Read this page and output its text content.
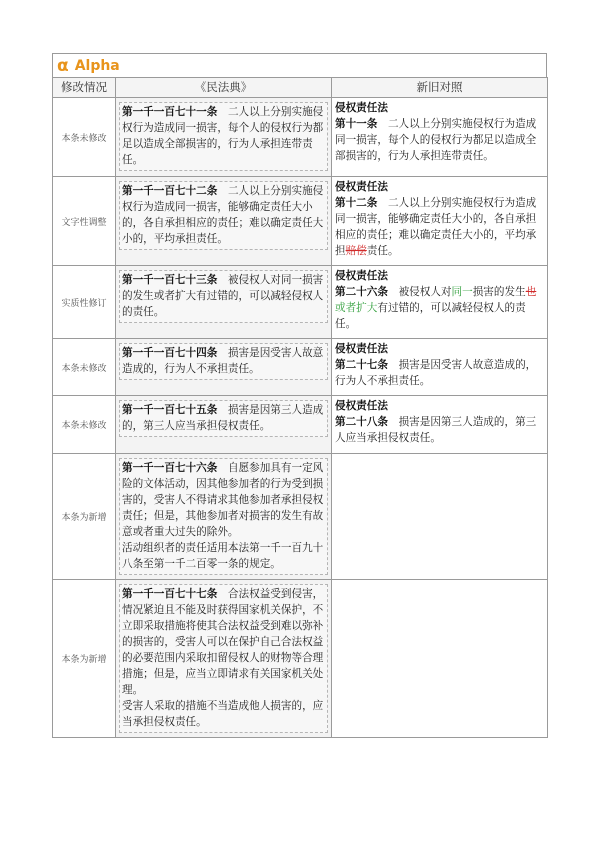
α Alpha
修改情况	《民法典》	新旧对照
本条未修改	第一千一百七十一条　 二人以上分别实施侵权行为造成同一损害，每个人的侵权行为都足以造成全部损害的，行为人承担连带责任。	侵权责任法
第十一条　 二人以上分别实施侵权行为造成同一损害，每个人的侵权行为都足以造成全部损害的，行为人承担连带责任。

文字性调整	第一千一百七十二条　 二人以上分别实施侵权行为造成同一损害，能够确定责任大小的，各自承担相应的责任；难以确定责任大小的，平均承担责任。	侵权责任法
第十二条　 二人以上分别实施侵权行为造成同一损害，能够确定责任大小的，各自承担相应的责任；难以确定责任大小的，平均承担赔偿责任。

实质性修订	第一千一百七十三条　 被侵权人对同一损害的发生或者扩大有过错的，可以减轻侵权人的责任。	侵权责任法
第二十六条　 被侵权人对同一损害的发生也或者扩大有过错的，可以减轻侵权人的责任。

本条未修改	第一千一百七十四条　 损害是因受害人故意造成的，行为人不承担责任。	侵权责任法
第二十七条　 损害是因受害人故意造成的，行为人不承担责任。

本条未修改	第一千一百七十五条　 损害是因第三人造成的，第三人应当承担侵权责任。	侵权责任法
第二十八条　 损害是因第三人造成的，第三人应当承担侵权责任。

本条为新增	第一千一百七十六条　 自愿参加具有一定风险的文体活动，因其他参加者的行为受到损害的，受害人不得请求其他参加者承担侵权责任；但是，其他参加者对损害的发生有故意或者重大过失的除外。
活动组织者的责任适用本法第一千一百九十八条至第一千二百零一条的规定。	

本条为新增	第一千一百七十七条　 合法权益受到侵害，情况紧迫且不能及时获得国家机关保护，不立即采取措施将使其合法权益受到难以弥补的损害的，受害人可以在保护自己合法权益的必要范围内采取扣留侵权人的财物等合理措施；但是，应当立即请求有关国家机关处理。
受害人采取的措施不当造成他人损害的，应当承担侵权责任。	
